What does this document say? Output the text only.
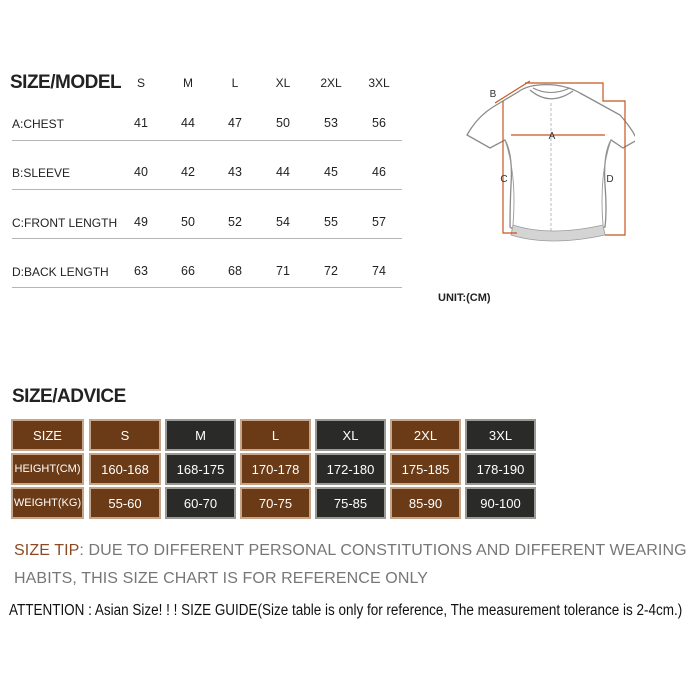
SIZE/MODEL	S	M	L	XL	2XL	3XL
A:CHEST	41	44	47	50	53	56
B:SLEEVE	40	42	43	44	45	46
C:FRONT LENGTH	49	50	52	54	55	57
D:BACK LENGTH	63	66	68	71	72	74
A
B
C	D
UNIT:(CM)
SIZE/ADVICE
SIZE	S	M	L	XL	2XL	3XL
HEIGHT(CM)	160-168	168-175	170-178	172-180	175-185	178-190
WEIGHT(KG)	55-60	60-70	70-75	75-85	85-90	90-100
SIZE TIP: DUE TO DIFFERENT PERSONAL CONSTITUTIONS AND DIFFERENT WEARING
HABITS, THIS SIZE CHART IS FOR REFERENCE ONLY
ATTENTION : Asian Size! ! ! SIZE GUIDE(Size table is only for reference, The measurement tolerance is 2-4cm.)
